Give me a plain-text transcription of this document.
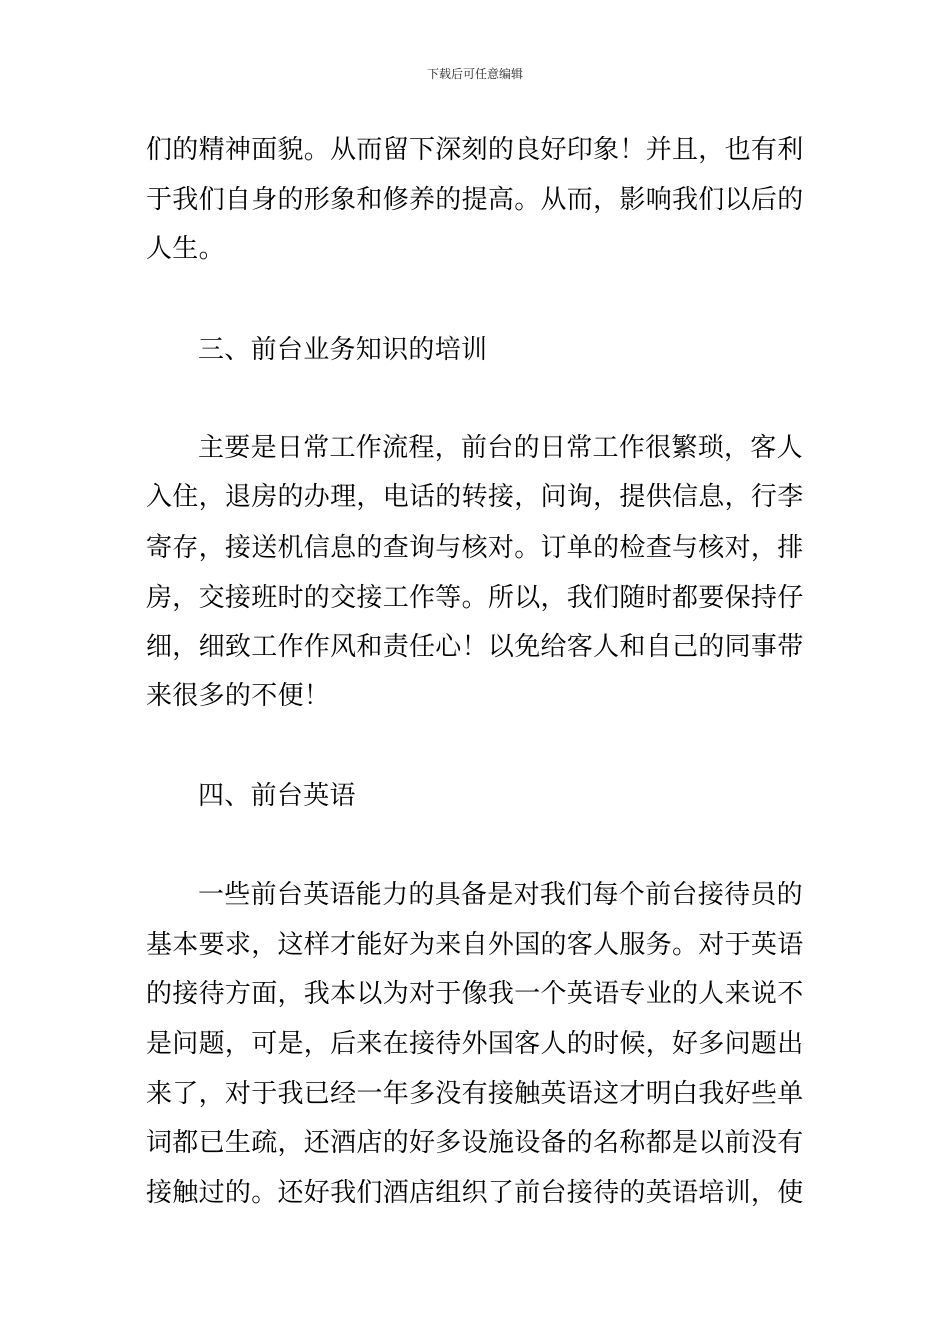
下载后可任意编辑
们的精神面貌。从而留下深刻的良好印象！并且，也有利
于我们自身的形象和修养的提高。从而，影响我们以后的
人生。
三、前台业务知识的培训
主要是日常工作流程，前台的日常工作很繁琐，客人
入住，退房的办理，电话的转接，问询，提供信息，行李
寄存，接送机信息的查询与核对。订单的检查与核对，排
房，交接班时的交接工作等。所以，我们随时都要保持仔
细，细致工作作风和责任心！以免给客人和自己的同事带
来很多的不便！
四、前台英语
一些前台英语能力的具备是对我们每个前台接待员的
基本要求，这样才能好为来自外国的客人服务。对于英语
的接待方面，我本以为对于像我一个英语专业的人来说不
是问题，可是，后来在接待外国客人的时候，好多问题出
来了，对于我已经一年多没有接触英语这才明白我好些单
词都已生疏，还酒店的好多设施设备的名称都是以前没有
接触过的。还好我们酒店组织了前台接待的英语培训，使
